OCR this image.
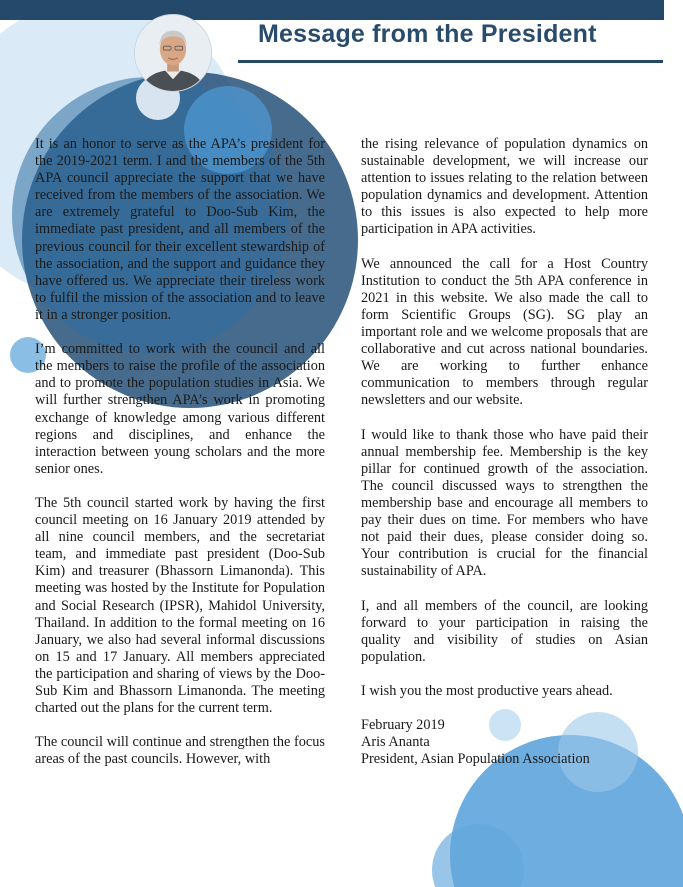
Message from the President

It is an honor to serve as the APA’s president for the 2019-2021 term. I and the members of the 5th APA council appreciate the support that we have received from the members of the association. We are extremely grateful to Doo-Sub Kim, the immediate past president, and all members of the previous council for their excellent stewardship of the association, and the support and guidance they have offered us. We appreciate their tireless work to fulfil the mission of the association and to leave it in a stronger position.

I’m committed to work with the council and all the members to raise the profile of the association and to promote the population studies in Asia. We will further strengthen APA’s work in promoting exchange of knowledge among various different regions and disciplines, and enhance the interaction between young scholars and the more senior ones.

The 5th council started work by having the first council meeting on 16 January 2019 attended by all nine council members, and the secretariat team, and immediate past president (Doo-Sub Kim) and treasurer (Bhassorn Limanonda). This meeting was hosted by the Institute for Population and Social Research (IPSR), Mahidol University, Thailand. In addition to the formal meeting on 16 January, we also had several informal discussions on 15 and 17 January. All members appreciated the participation and sharing of views by the Doo-Sub Kim and Bhassorn Limanonda. The meeting charted out the plans for the current term.

The council will continue and strengthen the focus areas of the past councils. However, with

the rising relevance of population dynamics on sustainable development, we will increase our attention to issues relating to the relation between population dynamics and development. Attention to this issues is also expected to help more participation in APA activities.

We announced the call for a Host Country Institution to conduct the 5th APA conference in 2021 in this website. We also made the call to form Scientific Groups (SG). SG play an important role and we welcome proposals that are collaborative and cut across national boundaries. We are working to further enhance communication to members through regular newsletters and our website.

I would like to thank those who have paid their annual membership fee. Membership is the key pillar for continued growth of the association. The council discussed ways to strengthen the membership base and encourage all members to pay their dues on time. For members who have not paid their dues, please consider doing so. Your contribution is crucial for the financial sustainability of APA.

I, and all members of the council, are looking forward to your participation in raising the quality and visibility of studies on Asian population.

I wish you the most productive years ahead.

February 2019
Aris Ananta
President, Asian Population Association
